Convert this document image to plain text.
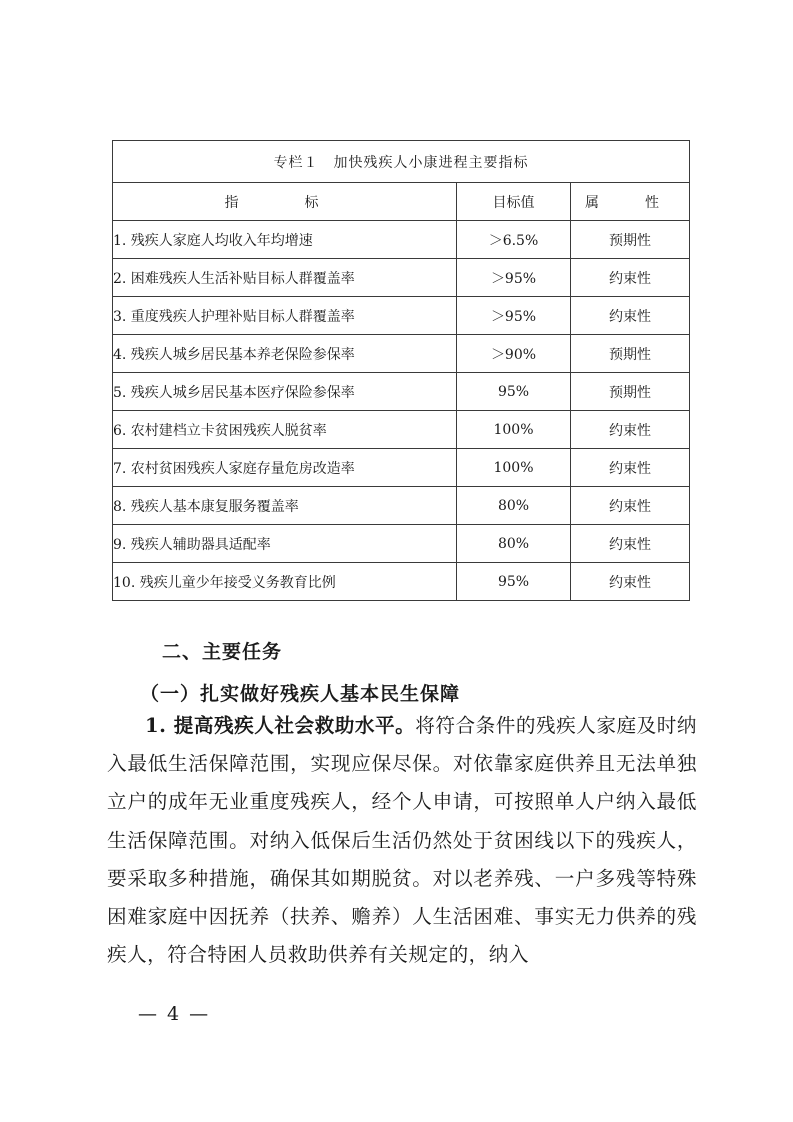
专栏１　加快残疾人小康进程主要指标		
指　标	目标值	属　性
1. 残疾人家庭人均收入年均增速	＞6.5%	预期性
2. 困难残疾人生活补贴目标人群覆盖率	＞95%	约束性
3. 重度残疾人护理补贴目标人群覆盖率	＞95%	约束性
4. 残疾人城乡居民基本养老保险参保率	＞90%	预期性
5. 残疾人城乡居民基本医疗保险参保率	95%	预期性
6. 农村建档立卡贫困残疾人脱贫率	100%	约束性
7. 农村贫困残疾人家庭存量危房改造率	100%	约束性
8. 残疾人基本康复服务覆盖率	80%	约束性
9. 残疾人辅助器具适配率	80%	约束性
10. 残疾儿童少年接受义务教育比例	95%	约束性
二、主要任务
（一）扎实做好残疾人基本民生保障

1. 提高残疾人社会救助水平。将符合条件的残疾人家庭及时纳入最低生活保障范围，实现应保尽保。对依靠家庭供养且无法单独立户的成年无业重度残疾人，经个人申请，可按照单人户纳入最低生活保障范围。对纳入低保后生活仍然处于贫困线以下的残疾人，要采取多种措施，确保其如期脱贫。对以老养残、一户多残等特殊困难家庭中因抚养（扶养、赡养）人生活困难、事实无力供养的残疾人，符合特困人员救助供养有关规定的，纳入

— 4 —
